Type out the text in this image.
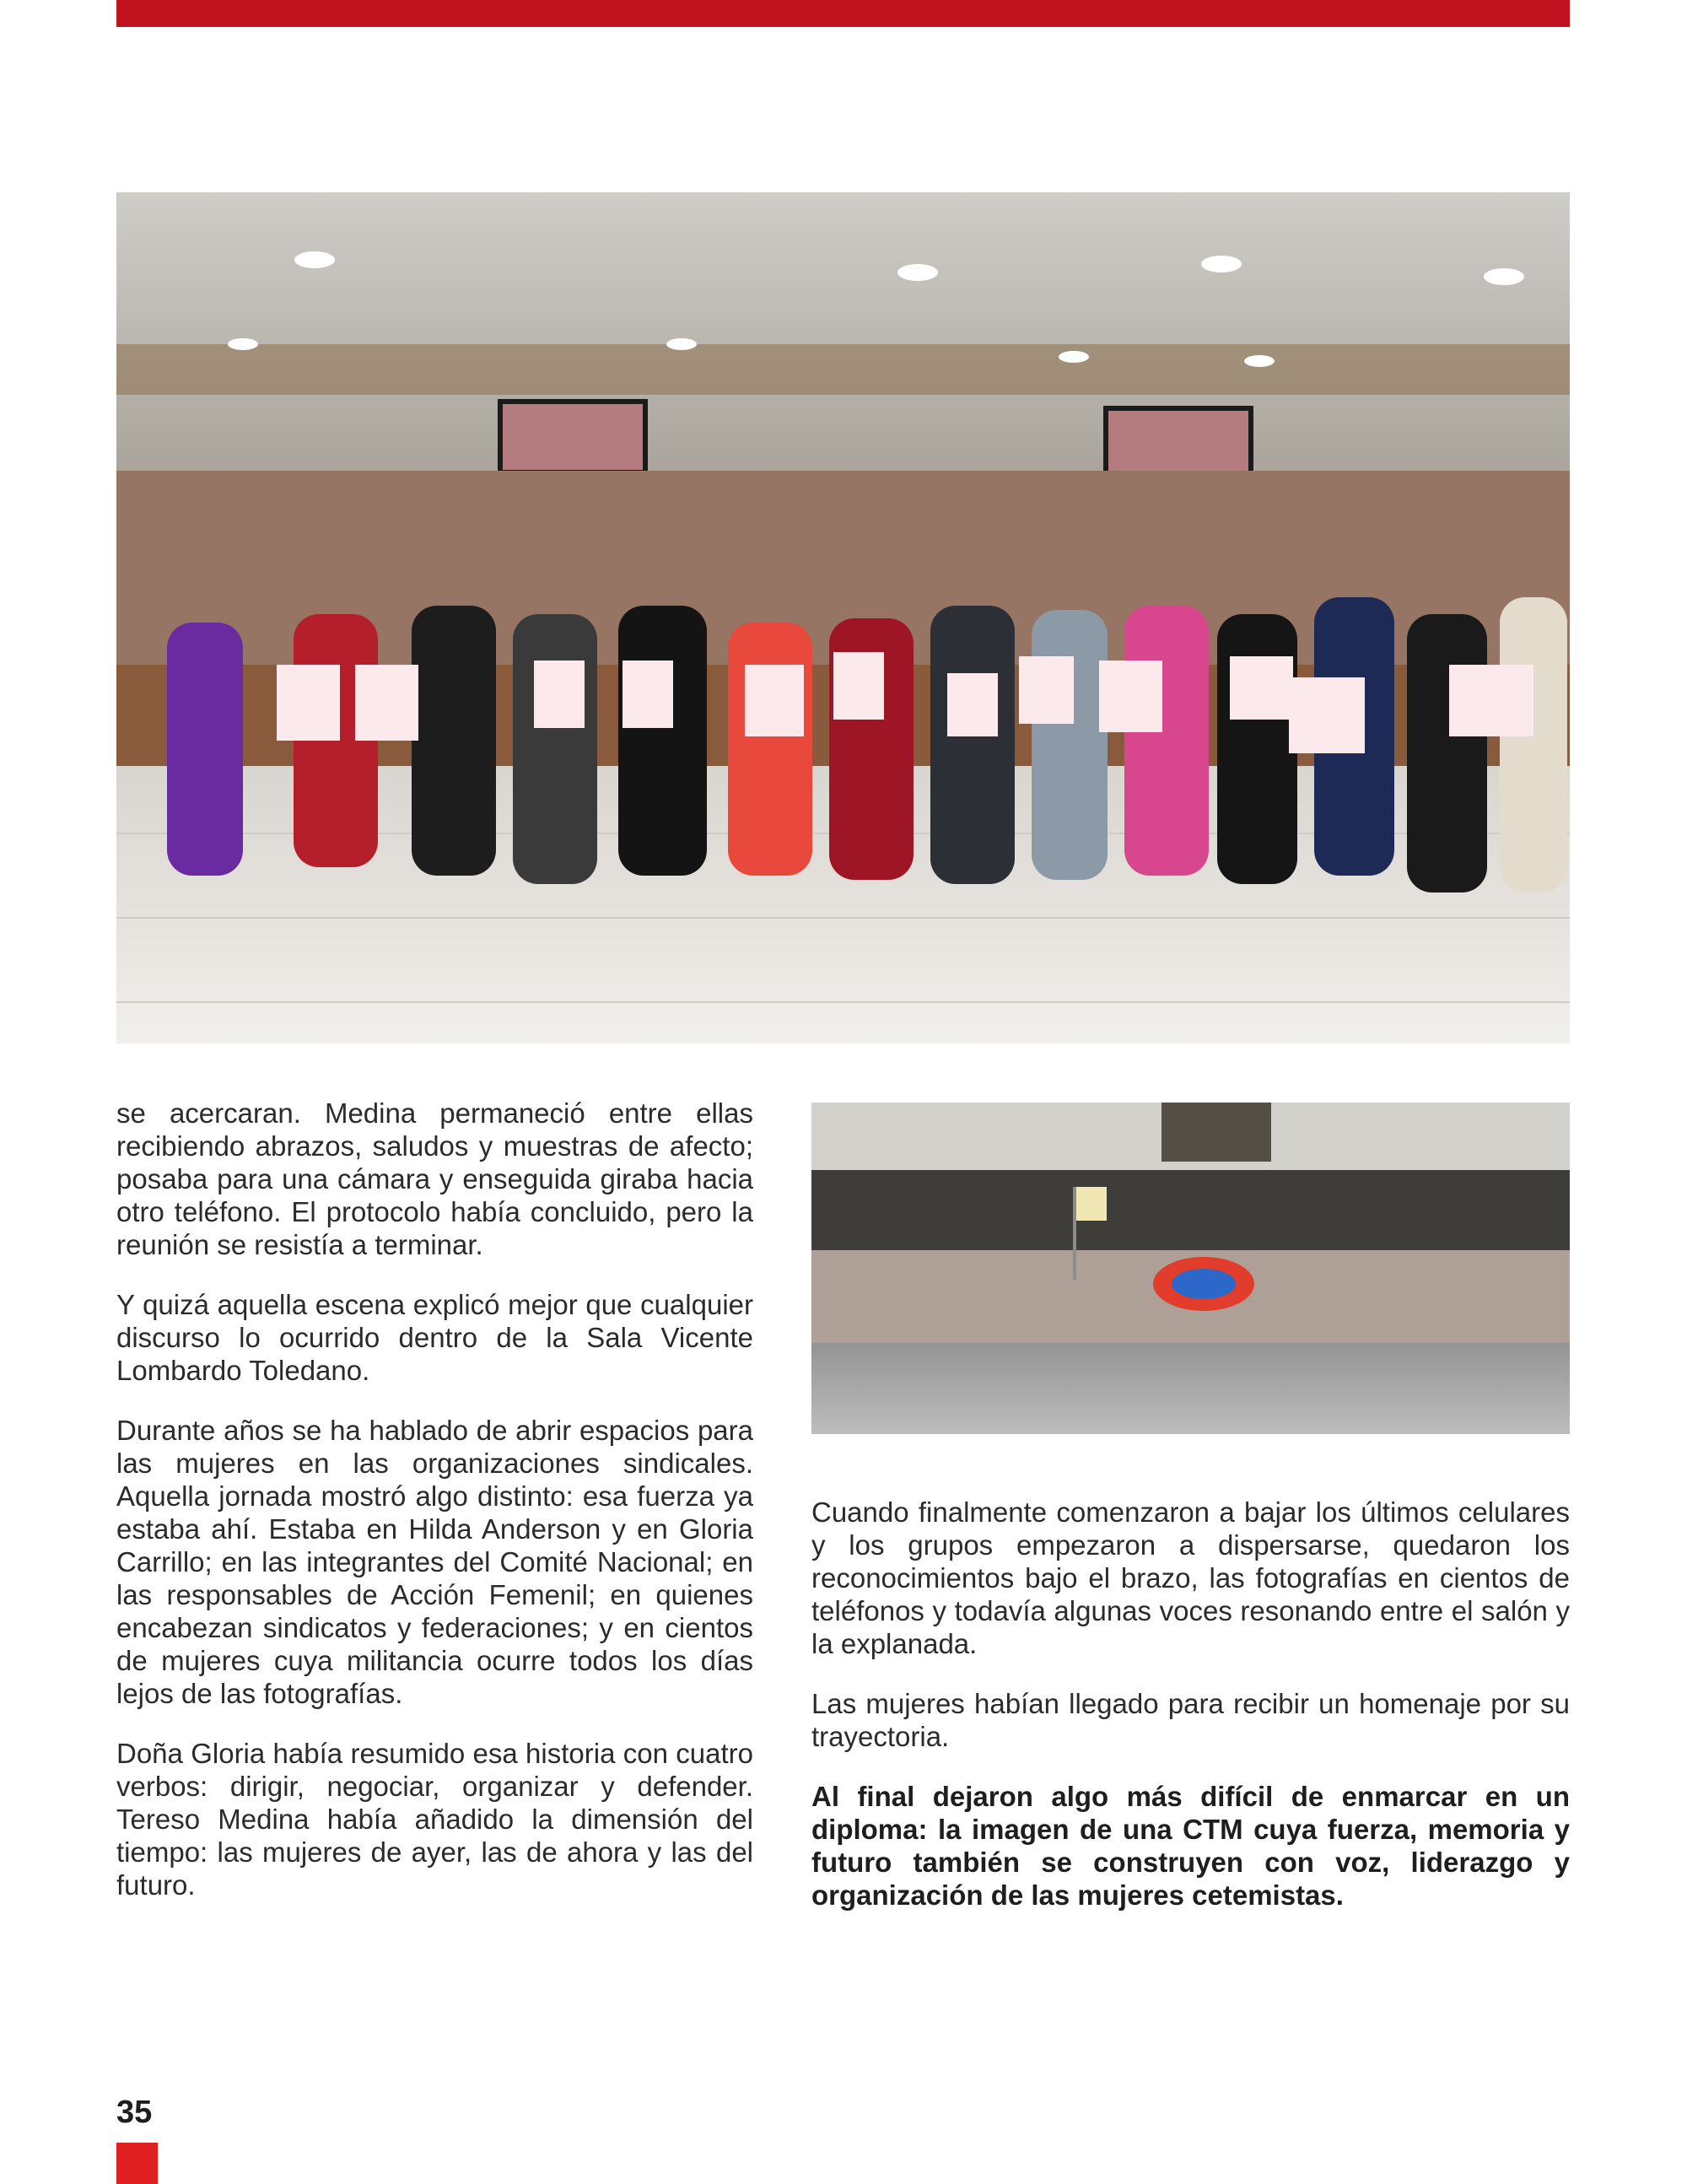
se acercaran. Medina permaneció entre ellas recibiendo abrazos, saludos y muestras de afecto; posaba para una cámara y enseguida giraba hacia otro teléfono. El protocolo había concluido, pero la reunión se resistía a terminar.

Y quizá aquella escena explicó mejor que cualquier discurso lo ocurrido dentro de la Sala Vicente Lombardo Toledano.

Durante años se ha hablado de abrir espacios para las mujeres en las organizaciones sindicales. Aquella jornada mostró algo distinto: esa fuerza ya estaba ahí. Estaba en Hilda Anderson y en Gloria Carrillo; en las integrantes del Comité Nacional; en las responsables de Acción Femenil; en quienes encabezan sindicatos y federaciones; y en cientos de mujeres cuya militancia ocurre todos los días lejos de las fotografías.

Doña Gloria había resumido esa historia con cuatro verbos: dirigir, negociar, organizar y defender. Tereso Medina había añadido la dimensión del tiempo: las mujeres de ayer, las de ahora y las del futuro.

Cuando finalmente comenzaron a bajar los últimos celulares y los grupos empezaron a dispersarse, quedaron los reconocimientos bajo el brazo, las fotografías en cientos de teléfonos y todavía algunas voces resonando entre el salón y la explanada.

Las mujeres habían llegado para recibir un homenaje por su trayectoria.

Al final dejaron algo más difícil de enmarcar en un diploma: la imagen de una CTM cuya fuerza, memoria y futuro también se construyen con voz, liderazgo y organización de las mujeres cetemistas.

35
